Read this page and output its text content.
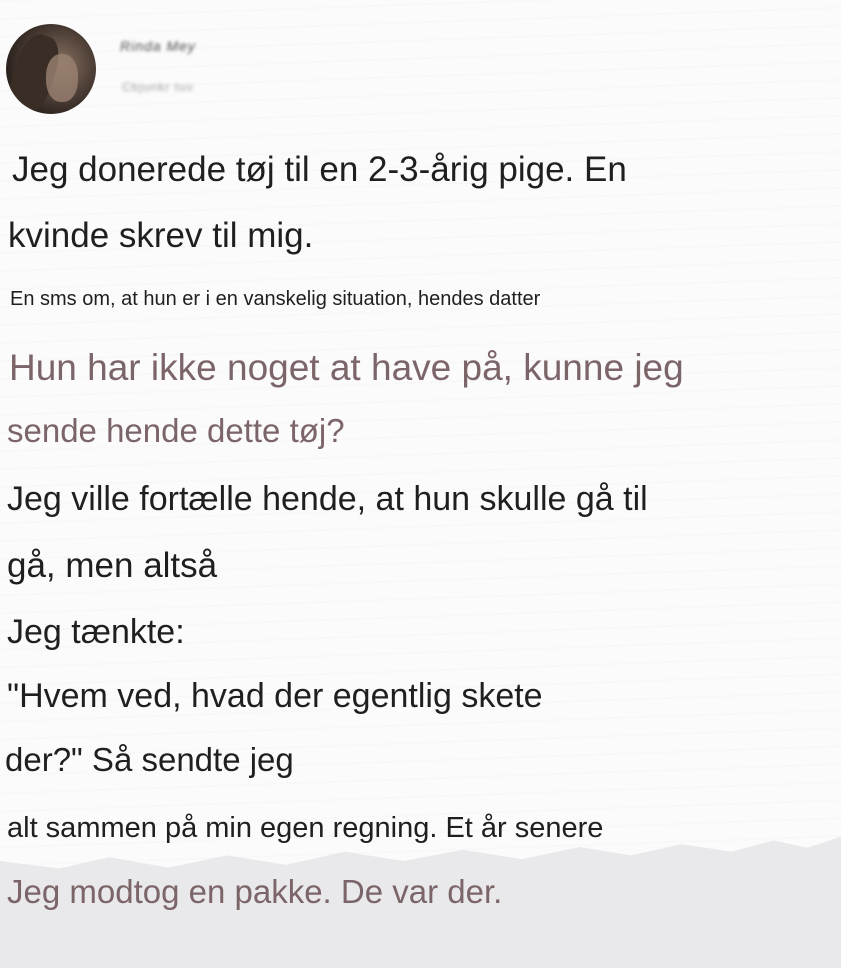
Rinda Mey
Cbjunkr tuv

Jeg donerede tøj til en 2-3-årig pige. En

kvinde skrev til mig.

En sms om, at hun er i en vanskelig situation, hendes datter

Hun har ikke noget at have på, kunne jeg

sende hende dette tøj?

Jeg ville fortælle hende, at hun skulle gå til

gå, men altså

Jeg tænkte:

"Hvem ved, hvad der egentlig skete

der?" Så sendte jeg

alt sammen på min egen regning. Et år senere

Jeg modtog en pakke. De var der.
